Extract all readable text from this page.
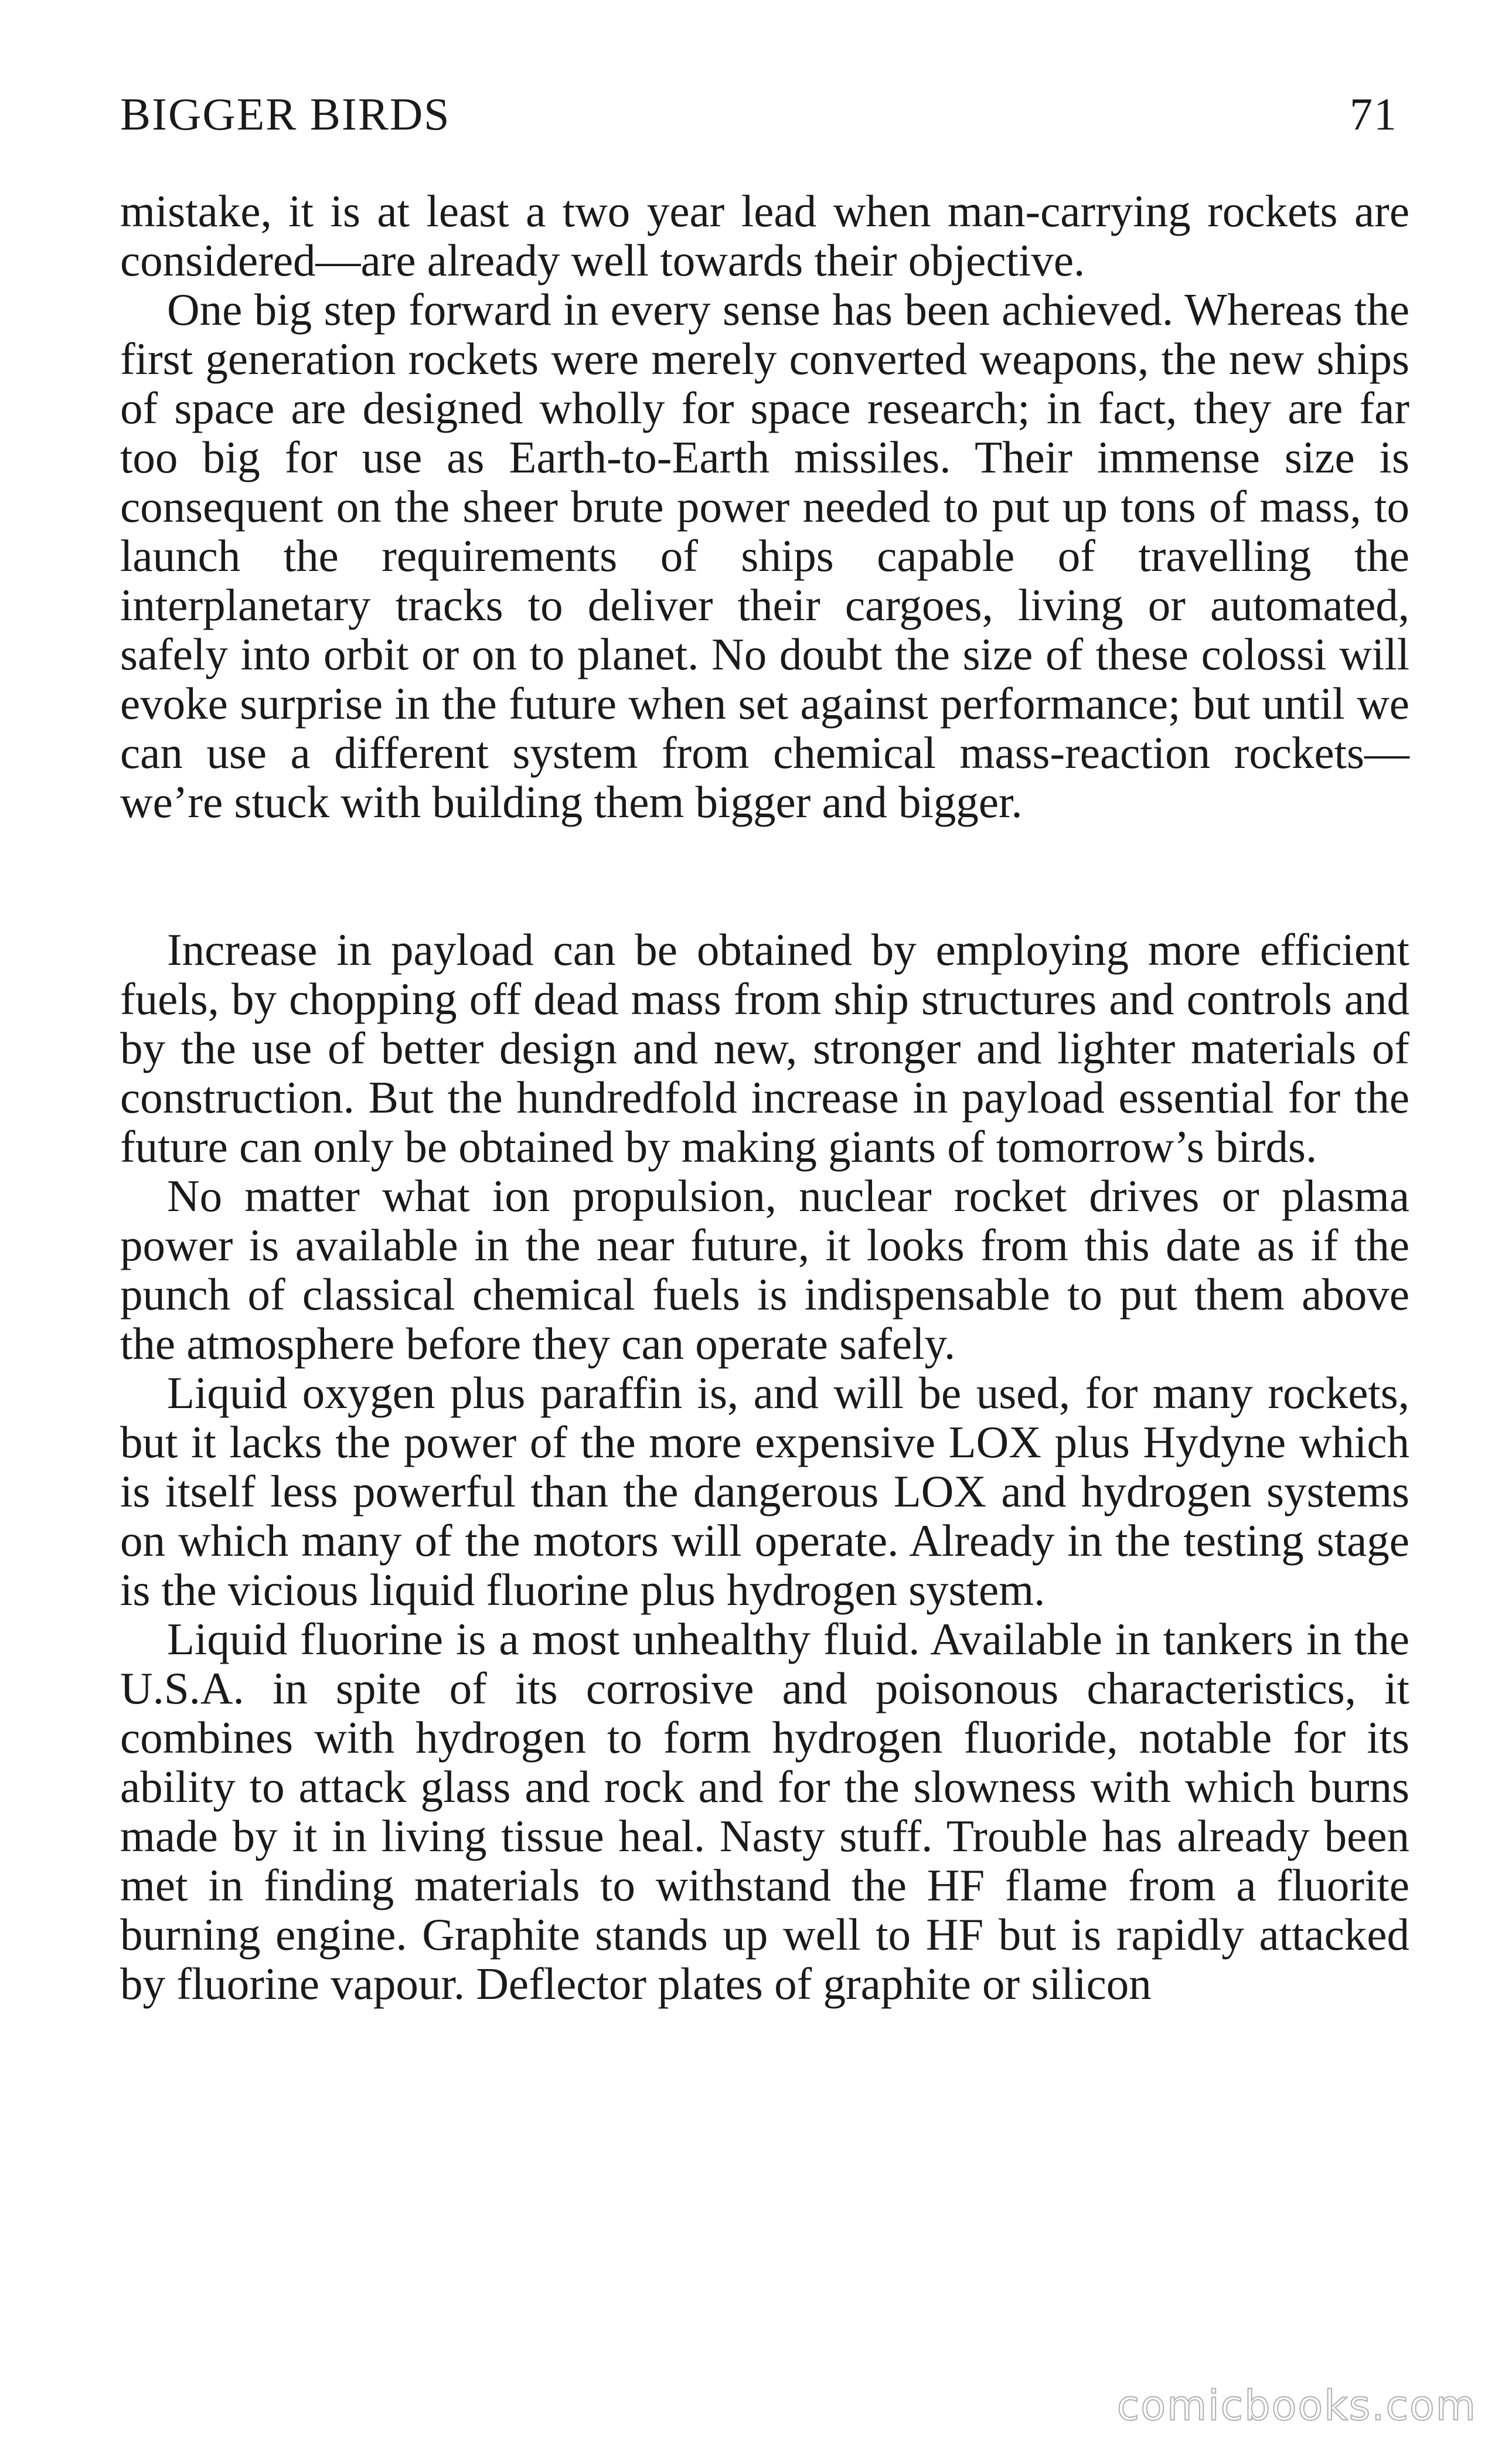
BIGGER BIRDS	71

mistake, it is at least a two year lead when man-carrying rockets are considered—are already well towards their objective.

One big step forward in every sense has been achieved. Whereas the first generation rockets were merely converted weapons, the new ships of space are designed wholly for space research; in fact, they are far too big for use as Earth-to-Earth missiles. Their immense size is consequent on the sheer brute power needed to put up tons of mass, to launch the requirements of ships capable of travelling the interplanetary tracks to deliver their cargoes, living or automated, safely into orbit or on to planet. No doubt the size of these colossi will evoke surprise in the future when set against performance; but until we can use a different system from chemical mass-reaction rockets—we’re stuck with building them bigger and bigger.

Increase in payload can be obtained by employing more efficient fuels, by chopping off dead mass from ship structures and controls and by the use of better design and new, stronger and lighter materials of construction. But the hundredfold increase in payload essential for the future can only be obtained by making giants of tomorrow’s birds.

No matter what ion propulsion, nuclear rocket drives or plasma power is available in the near future, it looks from this date as if the punch of classical chemical fuels is indispensable to put them above the atmosphere before they can operate safely.

Liquid oxygen plus paraffin is, and will be used, for many rockets, but it lacks the power of the more expensive LOX plus Hydyne which is itself less powerful than the dangerous LOX and hydrogen systems on which many of the motors will operate. Already in the testing stage is the vicious liquid fluorine plus hydrogen system.

Liquid fluorine is a most unhealthy fluid. Available in tankers in the U.S.A. in spite of its corrosive and poisonous characteristics, it combines with hydrogen to form hydrogen fluoride, notable for its ability to attack glass and rock and for the slowness with which burns made by it in living tissue heal. Nasty stuff. Trouble has already been met in finding materials to withstand the HF flame from a fluorite burning engine. Graphite stands up well to HF but is rapidly attacked by fluorine vapour. Deflector plates of graphite or silicon

comicbooks.com
